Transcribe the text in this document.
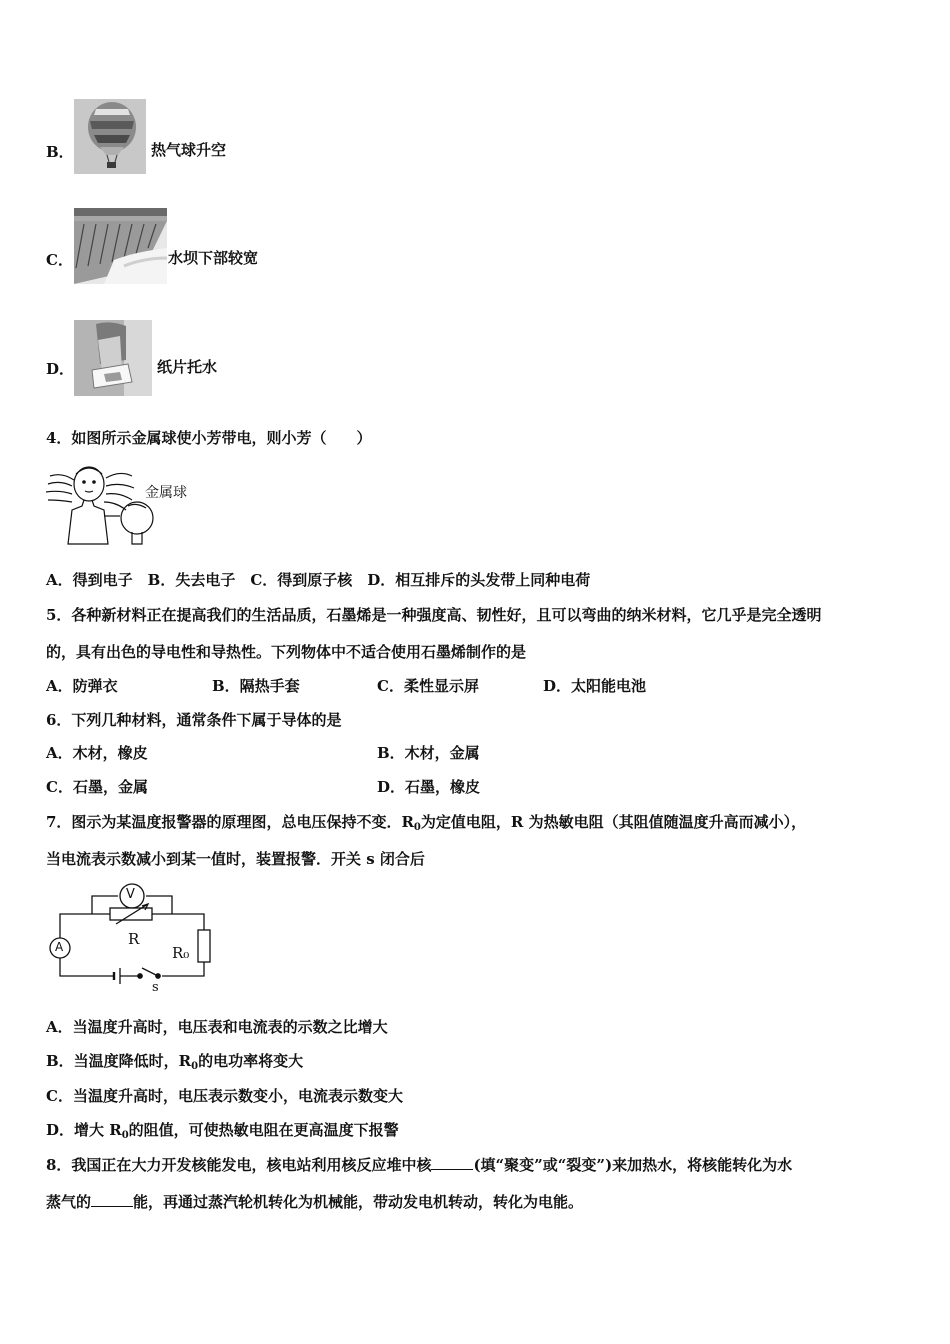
B．	热气球升空
C．	水坝下部较宽
D．	纸片托水
4．如图所示金属球使小芳带电，则小芳（　　）
金属球
A．得到电子　B．失去电子　C．得到原子核　D．相互排斥的头发带上同种电荷
5．各种新材料正在提高我们的生活品质，石墨烯是一种强度高、韧性好，且可以弯曲的纳米材料，它几乎是完全透明
的，具有出色的导电性和导热性。下列物体中不适合使用石墨烯制作的是
A．防弹衣	B．隔热手套	C．柔性显示屏	D．太阳能电池
6．下列几种材料，通常条件下属于导体的是
A．木材，橡皮	B．木材，金属
C．石墨，金属	D．石墨，橡皮
7．图示为某温度报警器的原理图，总电压保持不变．$R_0$为定值电阻，R 为热敏电阻（其阻值随温度升高而减小），
当电流表示数减小到某一值时，装置报警．开关 s 闭合后
V
A	R
R₀
s
A．当温度升高时，电压表和电流表的示数之比增大
B．当温度降低时，$R_0$的电功率将变大
C．当温度升高时，电压表示数变小，电流表示数变大
D．增大 $R_0$的阻值，可使热敏电阻在更高温度下报警
8．我国正在大力开发核能发电，核电站利用核反应堆中核	(填“聚变”或“裂变”)来加热水，将核能转化为水
蒸气的	能，再通过蒸汽轮机转化为机械能，带动发电机转动，转化为电能。
